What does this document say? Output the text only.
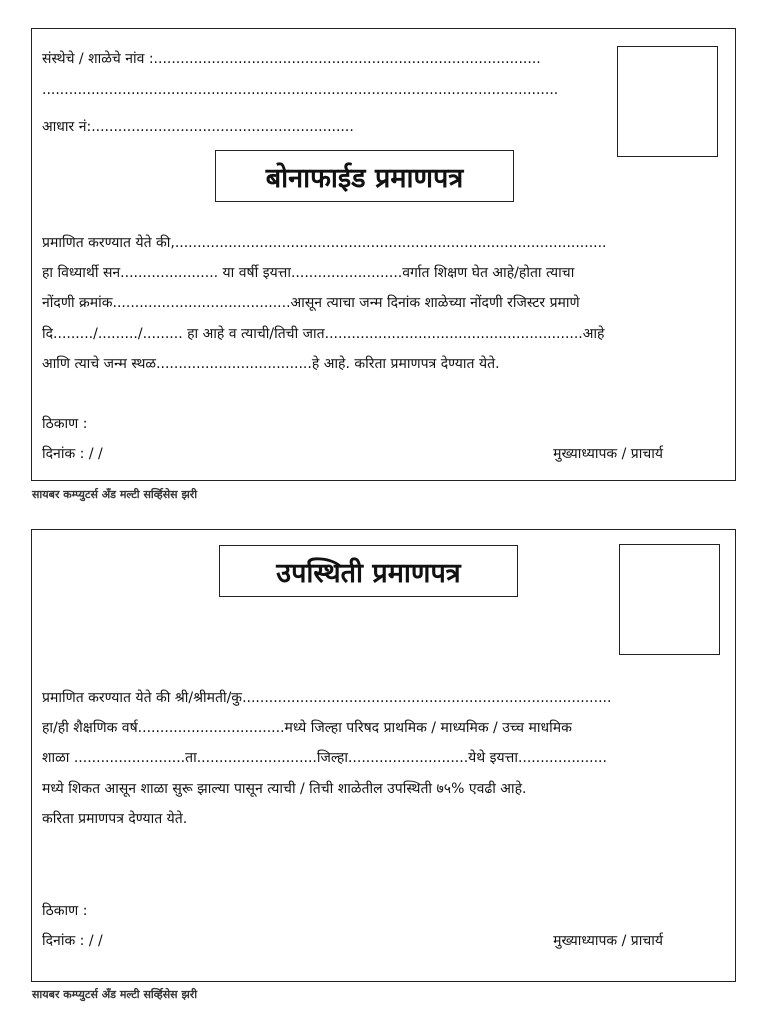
संस्थेचे / शाळेचे नांव :.......................................................................................
....................................................................................................................
आधार नं:...........................................................
बोनाफाईड प्रमाणपत्र
प्रमाणित करण्यात येते की,.................................................................................................
हा विध्यार्थी सन...................... या वर्षी इयत्ता.........................वर्गात शिक्षण घेत आहे/होता त्याचा
नोंदणी क्रमांक........................................आसून त्याचा जन्म दिनांक शाळेच्या नोंदणी रजिस्टर प्रमाणे
दि........./........./......... हा आहे व त्याची/तिची जात..........................................................आहे
आणि त्याचे जन्म स्थळ...................................हे आहे. करिता प्रमाणपत्र देण्यात येते.
ठिकाण :
दिनांक : / /	मुख्याध्यापक / प्राचार्य
सायबर कम्प्युटर्स अँड मल्टी सर्व्हिसेस झरी
उपस्थिती प्रमाणपत्र
प्रमाणित करण्यात येते की श्री/श्रीमती/कु...................................................................................
हा/ही शैक्षणिक वर्ष.................................मध्ये जिल्हा परिषद प्राथमिक / माध्यमिक / उच्च माधमिक
शाळा .........................ता...........................जिल्हा...........................येथे इयत्ता....................
मध्ये शिकत आसून शाळा सुरू झाल्या पासून त्याची / तिची शाळेतील उपस्थिती ७५% एवढी आहे.
करिता प्रमाणपत्र देण्यात येते.
ठिकाण :
दिनांक : / /	मुख्याध्यापक / प्राचार्य
सायबर कम्प्युटर्स अँड मल्टी सर्व्हिसेस झरी
